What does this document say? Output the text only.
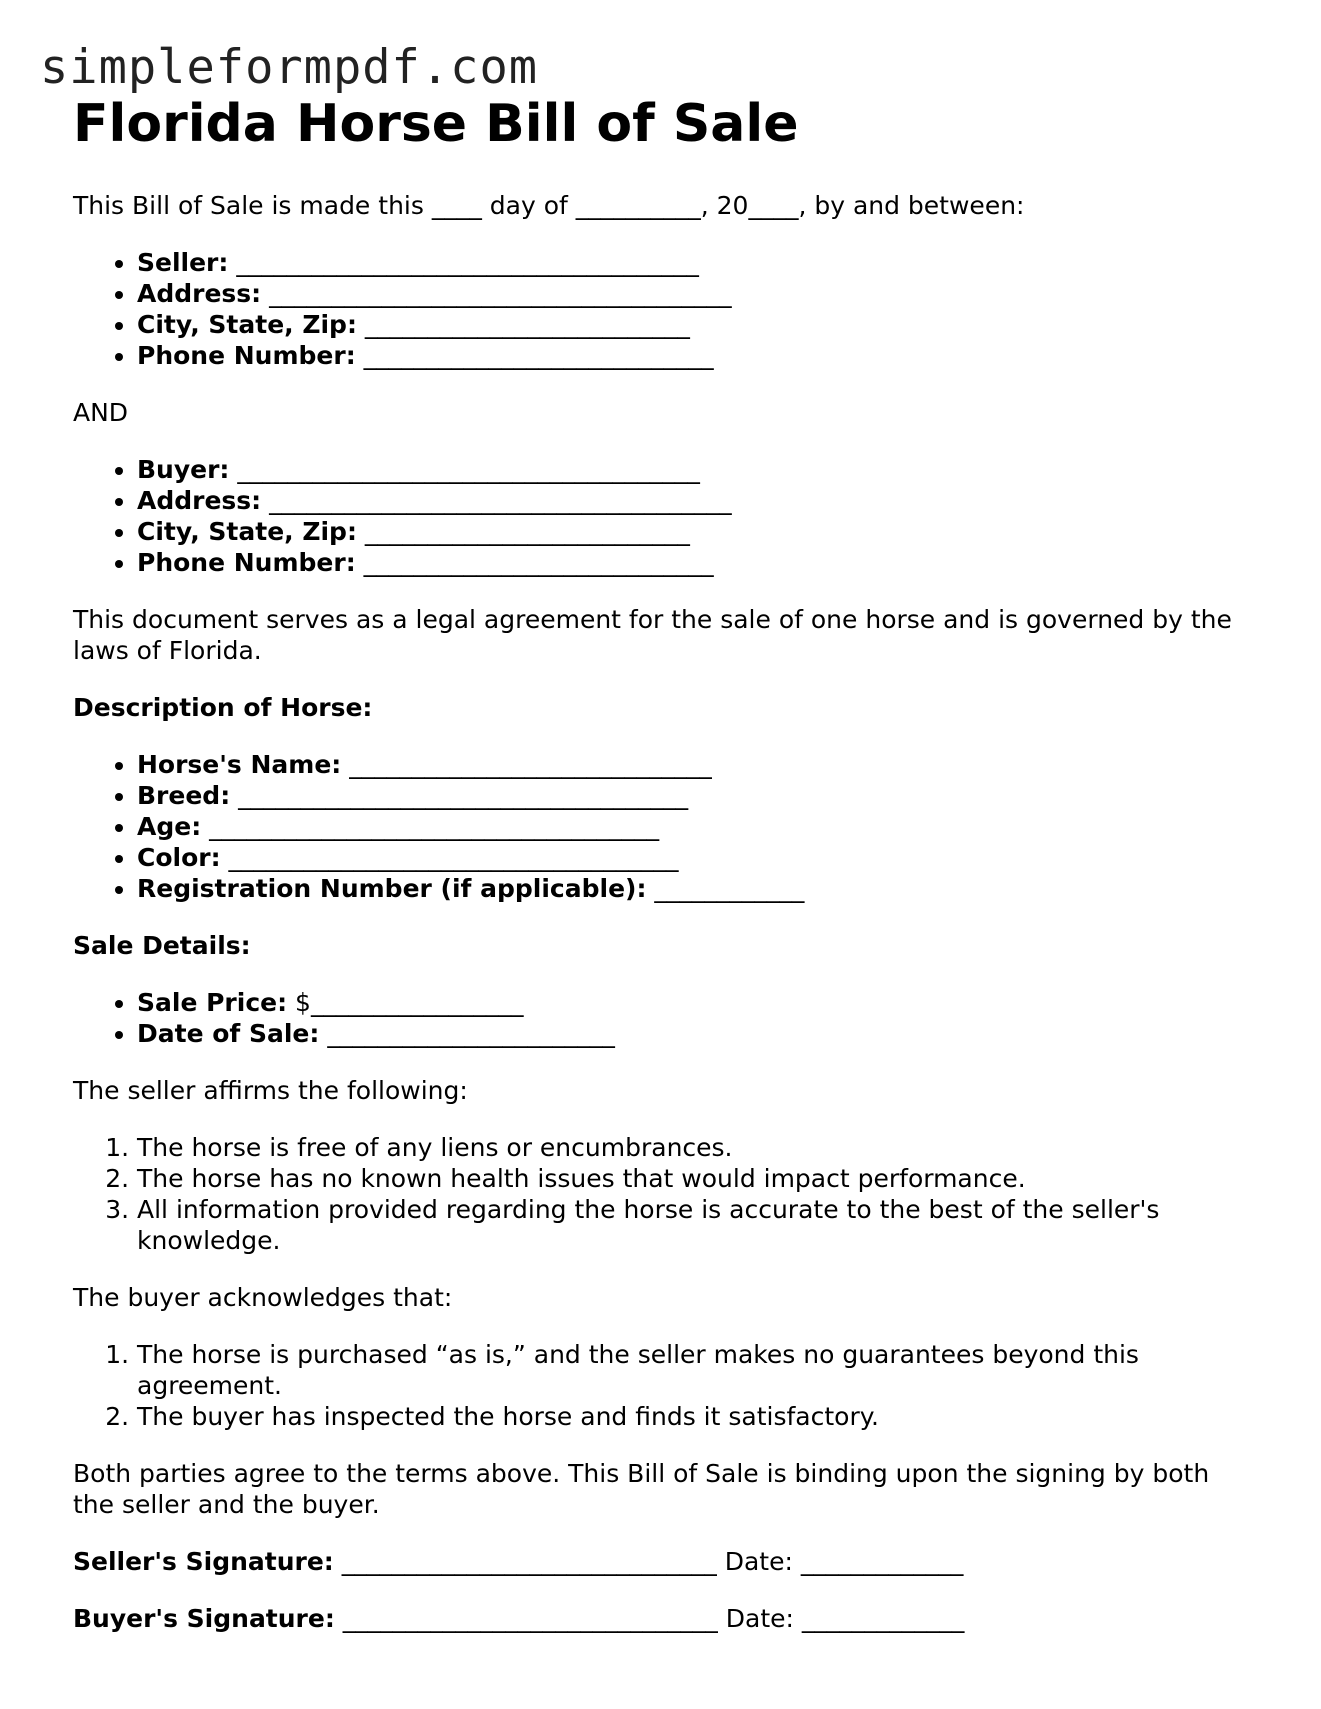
simpleformpdf.com
Florida Horse Bill of Sale

This Bill of Sale is made this ____ day of __________, 20____, by and between:

• Seller: _____________________________________
• Address: _____________________________________
• City, State, Zip: __________________________
• Phone Number: ____________________________

AND

• Buyer: _____________________________________
• Address: _____________________________________
• City, State, Zip: __________________________
• Phone Number: ____________________________

This document serves as a legal agreement for the sale of one horse and is governed by the laws of Florida.

Description of Horse:

• Horse's Name: _____________________________
• Breed: ____________________________________
• Age: ____________________________________
• Color: ____________________________________
• Registration Number (if applicable): ____________

Sale Details:

• Sale Price: $_________________
• Date of Sale: _______________________

The seller affirms the following:

1. The horse is free of any liens or encumbrances.
2. The horse has no known health issues that would impact performance.
3. All information provided regarding the horse is accurate to the best of the seller's knowledge.

The buyer acknowledges that:

1. The horse is purchased “as is,” and the seller makes no guarantees beyond this agreement.
2. The buyer has inspected the horse and finds it satisfactory.

Both parties agree to the terms above. This Bill of Sale is binding upon the signing by both the seller and the buyer.

Seller's Signature: ______________________________ Date: _____________
Buyer's Signature: ______________________________ Date: _____________
